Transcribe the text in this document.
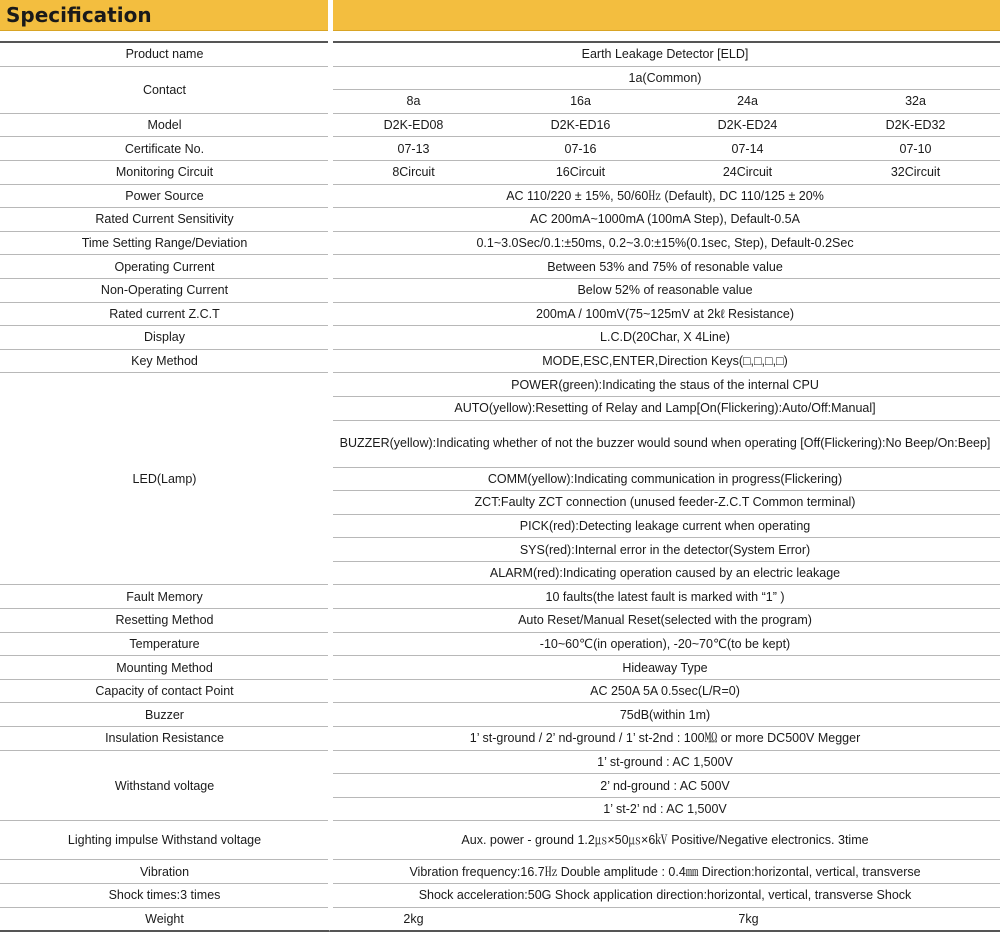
Specification
Product name	Earth Leakage Detector [ELD]			
Contact	1a(Common)			
	8a	16a	24a	32a
Model	D2K-ED08	D2K-ED16	D2K-ED24	D2K-ED32
Certificate No.	07-13	07-16	07-14	07-10
Monitoring Circuit	8Circuit	16Circuit	24Circuit	32Circuit
Power Source	AC 110/220 ± 15%, 50/60㎐ (Default), DC 110/125 ± 20%			
Rated Current Sensitivity	AC 200mA~1000mA (100mA Step), Default-0.5A			
Time Setting Range/Deviation	0.1~3.0Sec/0.1:±50ms, 0.2~3.0:±15%(0.1sec, Step), Default-0.2Sec			
Operating Current	Between 53% and 75% of resonable value			
Non-Operating Current	Below 52% of reasonable value			
Rated current Z.C.T	200mA / 100mV(75~125mV at 2kℓ Resistance)			
Display	L.C.D(20Char, X 4Line)			
Key Method	MODE,ESC,ENTER,Direction Keys(□,□,□,□)			
LED(Lamp)	POWER(green):Indicating the staus of the internal CPU			
	AUTO(yellow):Resetting of Relay and Lamp[On(Flickering):Auto/Off:Manual]			
	BUZZER(yellow):Indicating whether of not the buzzer would sound when operating [Off(Flickering):No Beep/On:Beep]			
	COMM(yellow):Indicating communication in progress(Flickering)			
	ZCT:Faulty ZCT connection (unused feeder-Z.C.T Common terminal)			
	PICK(red):Detecting leakage current when operating			
	SYS(red):Internal error in the detector(System Error)			
	ALARM(red):Indicating operation caused by an electric leakage			
Fault Memory	10 faults(the latest fault is marked with “1” )			
Resetting Method	Auto Reset/Manual Reset(selected with the program)			
Temperature	-10~60℃(in operation), -20~70℃(to be kept)			
Mounting Method	Hideaway Type			
Capacity of contact Point	AC 250A 5A 0.5sec(L/R=0)			
Buzzer	75dB(within 1m)			
Insulation Resistance	1’ st-ground / 2’ nd-ground / 1’ st-2nd : 100㏁ or more DC500V Megger			
Withstand voltage	1’ st-ground : AC 1,500V			
	2’ nd-ground : AC 500V			
	1’ st-2’ nd : AC 1,500V			
Lighting impulse Withstand voltage	Aux. power - ground 1.2㎲×50㎲×6㎸ Positive/Negative electronics. 3time			
Vibration	Vibration frequency:16.7㎐ Double amplitude : 0.4㎜ Direction:horizontal, vertical, transverse			
Shock times:3 times	Shock acceleration:50G Shock application direction:horizontal, vertical, transverse Shock			
Weight	2kg	7kg		
